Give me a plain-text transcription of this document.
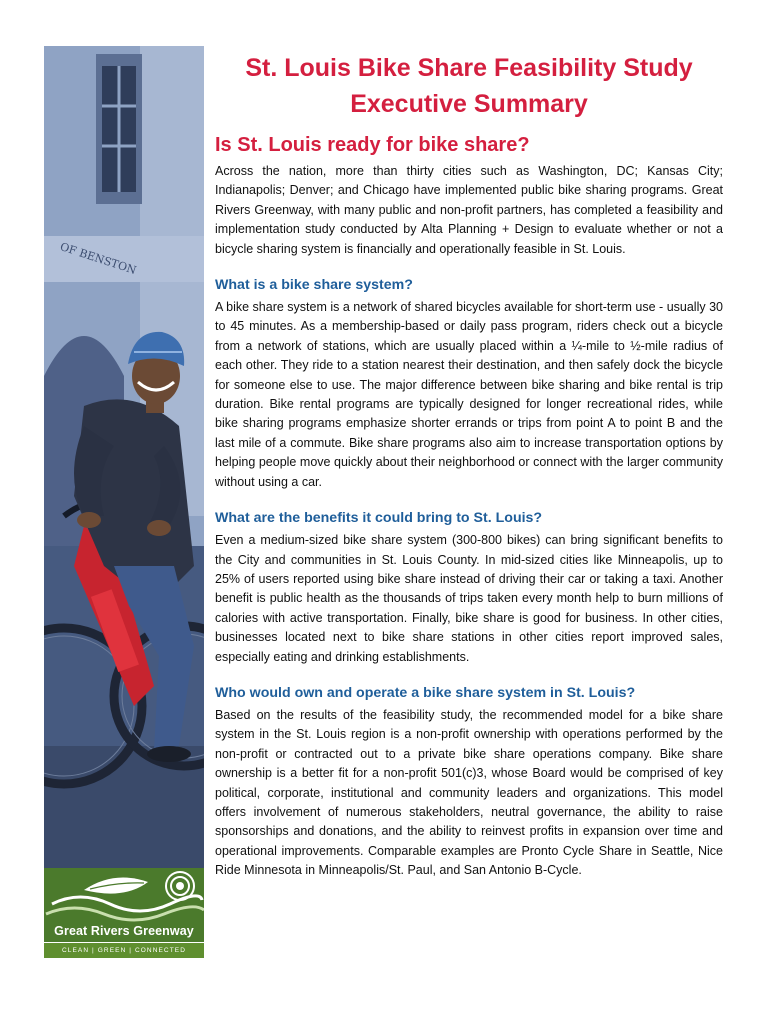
OF BENSTON
Great Rivers Greenway
CLEAN | GREEN | CONNECTED
St. Louis Bike Share Feasibility Study
Executive Summary
Is St. Louis ready for bike share?

Across the nation, more than thirty cities such as Washington, DC; Kansas City; Indianapolis; Denver; and Chicago have implemented public bike sharing programs. Great Rivers Greenway, with many public and non-profit partners, has completed a feasibility and implementation study conducted by Alta Planning + Design to evaluate whether or not a bicycle sharing system is financially and operationally feasible in St. Louis.

What is a bike share system?

A bike share system is a network of shared bicycles available for short-term use - usually 30 to 45 minutes. As a membership-based or daily pass program, riders check out a bicycle from a network of stations, which are usually placed within a ¼-mile to ½-mile radius of each other. They ride to a station nearest their destination, and then safely dock the bicycle for someone else to use. The major difference between bike sharing and bike rental is trip duration. Bike rental programs are typically designed for longer recreational rides, while bike sharing programs emphasize shorter errands or trips from point A to point B and the last mile of a commute. Bike share programs also aim to increase transportation options by helping people move quickly about their neighborhood or connect with the larger community without using a car.

What are the benefits it could bring to St. Louis?

Even a medium-sized bike share system (300-800 bikes) can bring significant benefits to the City and communities in St. Louis County. In mid-sized cities like Minneapolis, up to 25% of users reported using bike share instead of driving their car or taking a taxi. Another benefit is public health as the thousands of trips taken every month help to burn millions of calories with active transportation. Finally, bike share is good for business. In other cities, businesses located next to bike share stations in other cities report improved sales, especially eating and drinking establishments.

Who would own and operate a bike share system in St. Louis?

Based on the results of the feasibility study, the recommended model for a bike share system in the St. Louis region is a non-profit ownership with operations performed by the non-profit or contracted out to a private bike share operations company. Bike share ownership is a better fit for a non-profit 501(c)3, whose Board would be comprised of key political, corporate, institutional and community leaders and organizations. This model offers involvement of numerous stakeholders, neutral governance, the ability to raise sponsorships and donations, and the ability to reinvest profits in expansion over time and operational improvements. Comparable examples are Pronto Cycle Share in Seattle, Nice Ride Minnesota in Minneapolis/St. Paul, and San Antonio B-Cycle.
